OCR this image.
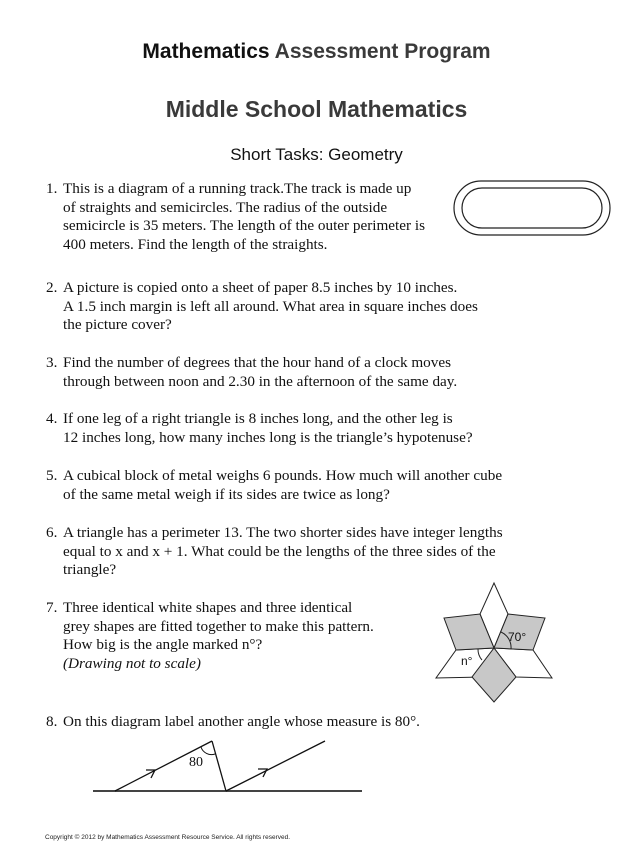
Mathematics Assessment Program
Middle School Mathematics
Short Tasks: Geometry
1. This is a diagram of a running track.The track is made up
of straights and semicircles. The radius of the outside
semicircle is 35 meters. The length of the outer perimeter is
400 meters. Find the length of the straights.
2. A picture is copied onto a sheet of paper 8.5 inches by 10 inches.
A 1.5 inch margin is left all around. What area in square inches does
the picture cover?
3. Find the number of degrees that the hour hand of a clock moves
through between noon and 2.30 in the afternoon of the same day.
4. If one leg of a right triangle is 8 inches long, and the other leg is
12 inches long, how many inches long is the triangle’s hypotenuse?
5. A cubical block of metal weighs 6 pounds. How much will another cube
of the same metal weigh if its sides are twice as long?
6. A triangle has a perimeter 13. The two shorter sides have integer lengths
equal to x and x + 1. What could be the lengths of the three sides of the
triangle?
7. Three identical white shapes and three identical
grey shapes are fitted together to make this pattern.
How big is the angle marked n°?
(Drawing not to scale)
70°
n°
8. On this diagram label another angle whose measure is 80°.
80
Copyright © 2012 by Mathematics Assessment Resource Service. All rights reserved.
